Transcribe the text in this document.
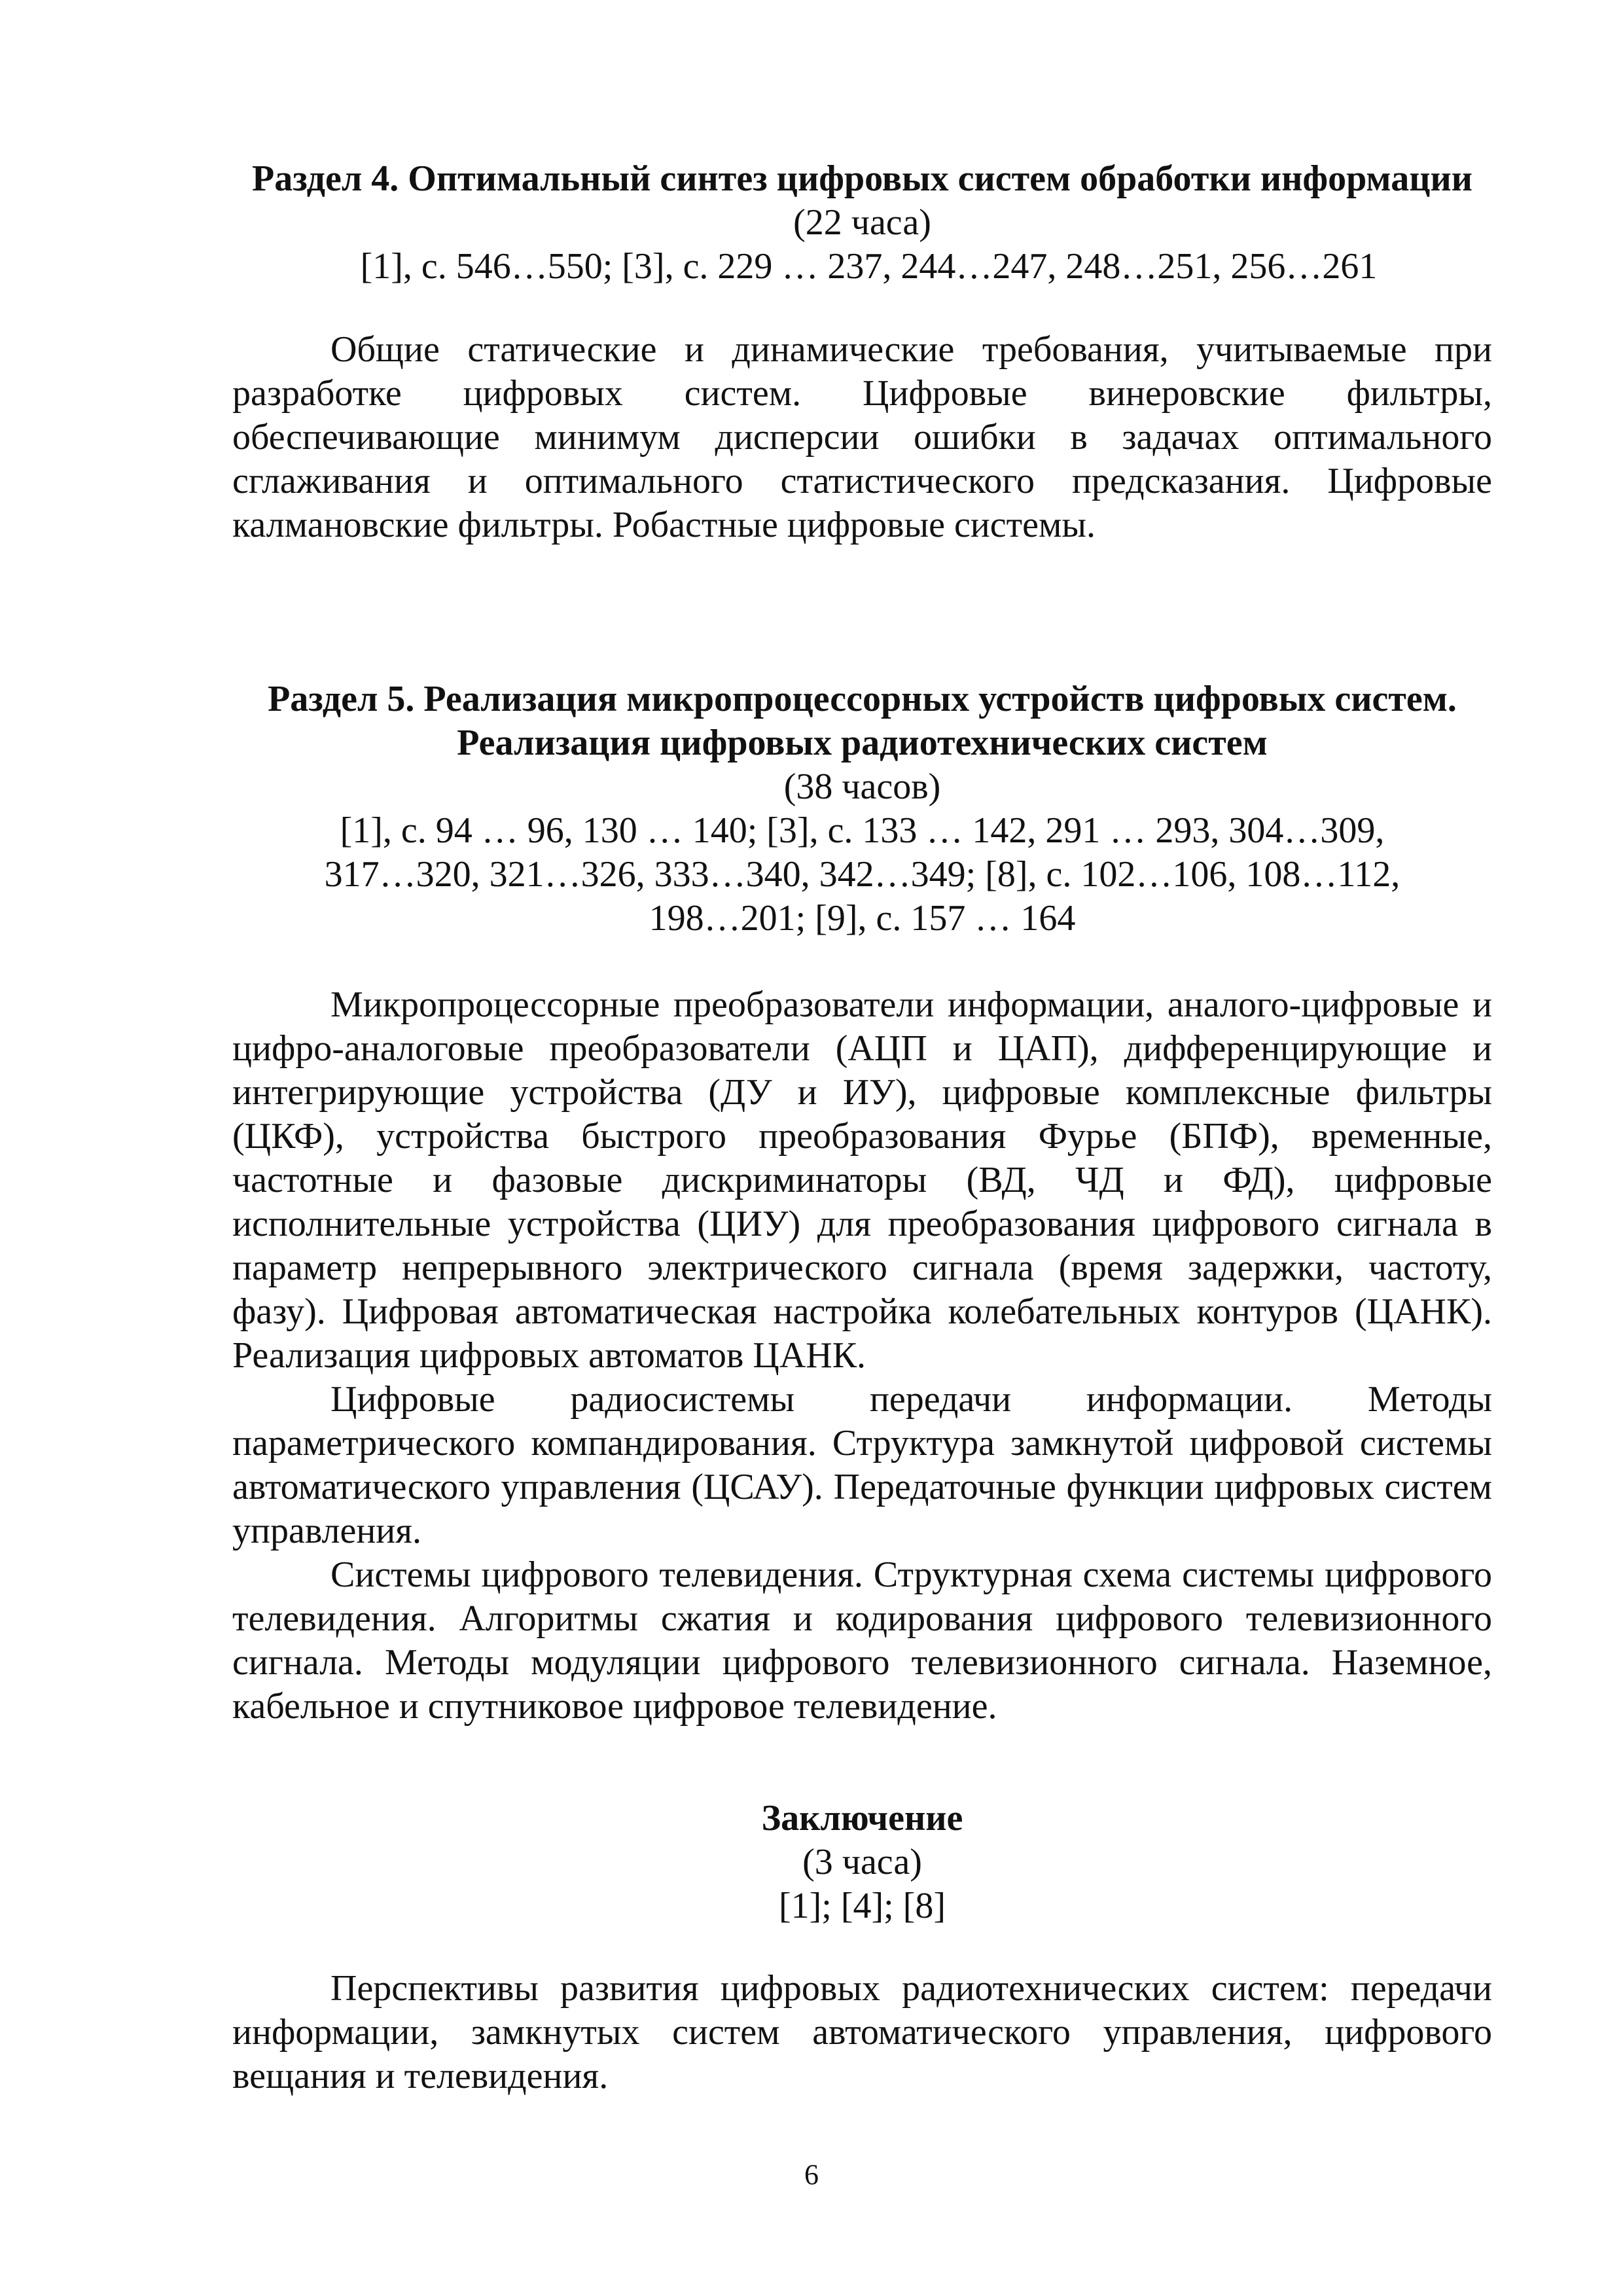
Раздел 4. Оптимальный синтез цифровых систем обработки информации

(22 часа)

[1], с. 546…550; [3], с. 229 … 237, 244…247, 248…251, 256…261

Общие статические и динамические требования, учитываемые при разработке цифровых систем. Цифровые винеровские фильтры, обеспечивающие минимум дисперсии ошибки в задачах оптимального сглаживания и оптимального статистического предсказания. Цифровые калмановские фильтры. Робастные цифровые системы.

Раздел 5. Реализация микропроцессорных устройств цифровых систем.

Реализация цифровых радиотехнических систем

(38 часов)

[1], с. 94 … 96, 130 … 140; [3], с. 133 … 142, 291 … 293, 304…309,

317…320, 321…326, 333…340, 342…349; [8], с. 102…106, 108…112,

198…201; [9], с. 157 … 164

Микропроцессорные преобразователи информации, аналого-цифровые и цифро-аналоговые преобразователи (АЦП и ЦАП), дифференцирующие и интегрирующие устройства (ДУ и ИУ), цифровые комплексные фильтры (ЦКФ), устройства быстрого преобразования Фурье (БПФ), временные, частотные и фазовые дискриминаторы (ВД, ЧД и ФД), цифровые исполнительные устройства (ЦИУ) для преобразования цифрового сигнала в параметр непрерывного электрического сигнала (время задержки, частоту, фазу). Цифровая автоматическая настройка колебательных контуров (ЦАНК). Реализация цифровых автоматов ЦАНК.

Цифровые радиосистемы передачи информации. Методы параметрического компандирования. Структура замкнутой цифровой системы автоматического управления (ЦСАУ). Передаточные функции цифровых систем управления.

Системы цифрового телевидения. Структурная схема системы цифрового телевидения. Алгоритмы сжатия и кодирования цифрового телевизионного сигнала. Методы модуляции цифрового телевизионного сигнала. Наземное, кабельное и спутниковое цифровое телевидение.

Заключение

(3 часа)

[1]; [4]; [8]

Перспективы развития цифровых радиотехнических систем: передачи информации, замкнутых систем автоматического управления, цифрового вещания и телевидения.

6
